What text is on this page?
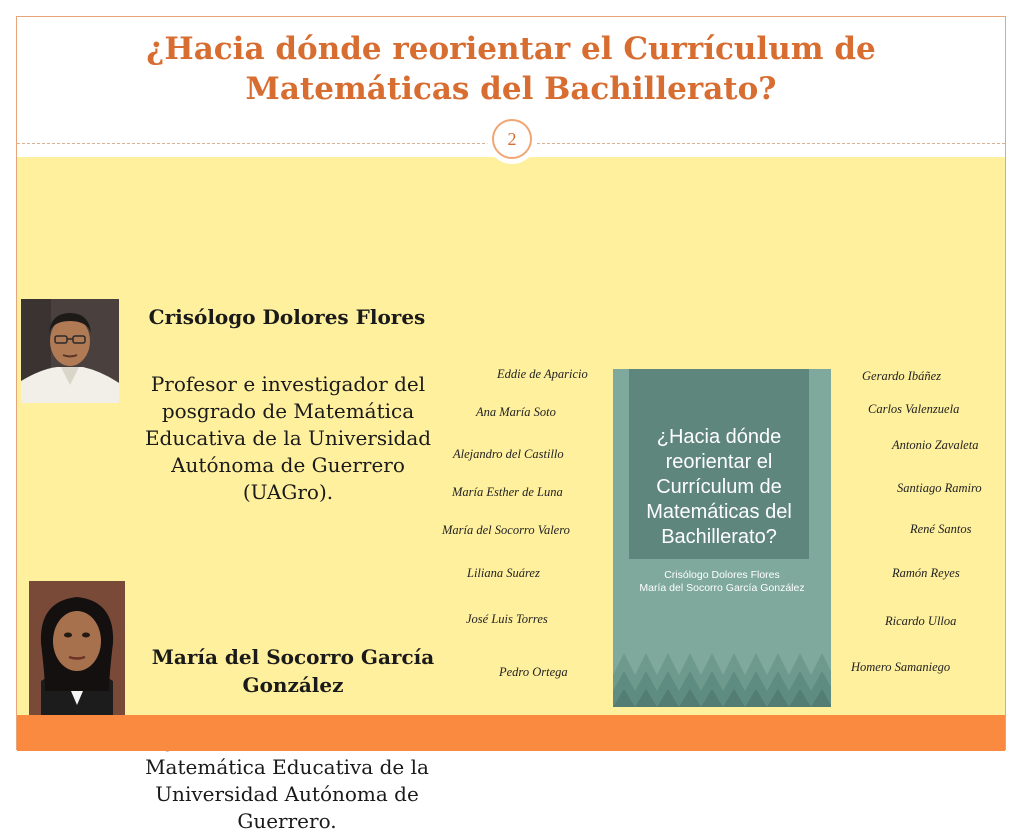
¿Hacia dónde reorientar el Currículum de
Matemáticas del Bachillerato?

Crisólogo Dolores Flores

Profesor e investigador del posgrado de Matemática Educativa de la Universidad Autónoma de Guerrero (UAGro).

María del Socorro García González

Matemática Educativa de la Universidad Autónoma de Guerrero.

Eddie de Aparicio

Ana María Soto

Alejandro del Castillo

María Esther de Luna

María del Socorro Valero

Liliana Suárez

José Luis Torres

Pedro Ortega

Gerardo Ibáñez

Carlos Valenzuela

Antonio Zavaleta

Santiago Ramiro

René Santos

Ramón Reyes

Ricardo Ulloa

Homero Samaniego

¿Hacia dónde reorientar el Currículum de Matemáticas del Bachillerato?

Crisólogo Dolores Flores
María del Socorro García González
2
